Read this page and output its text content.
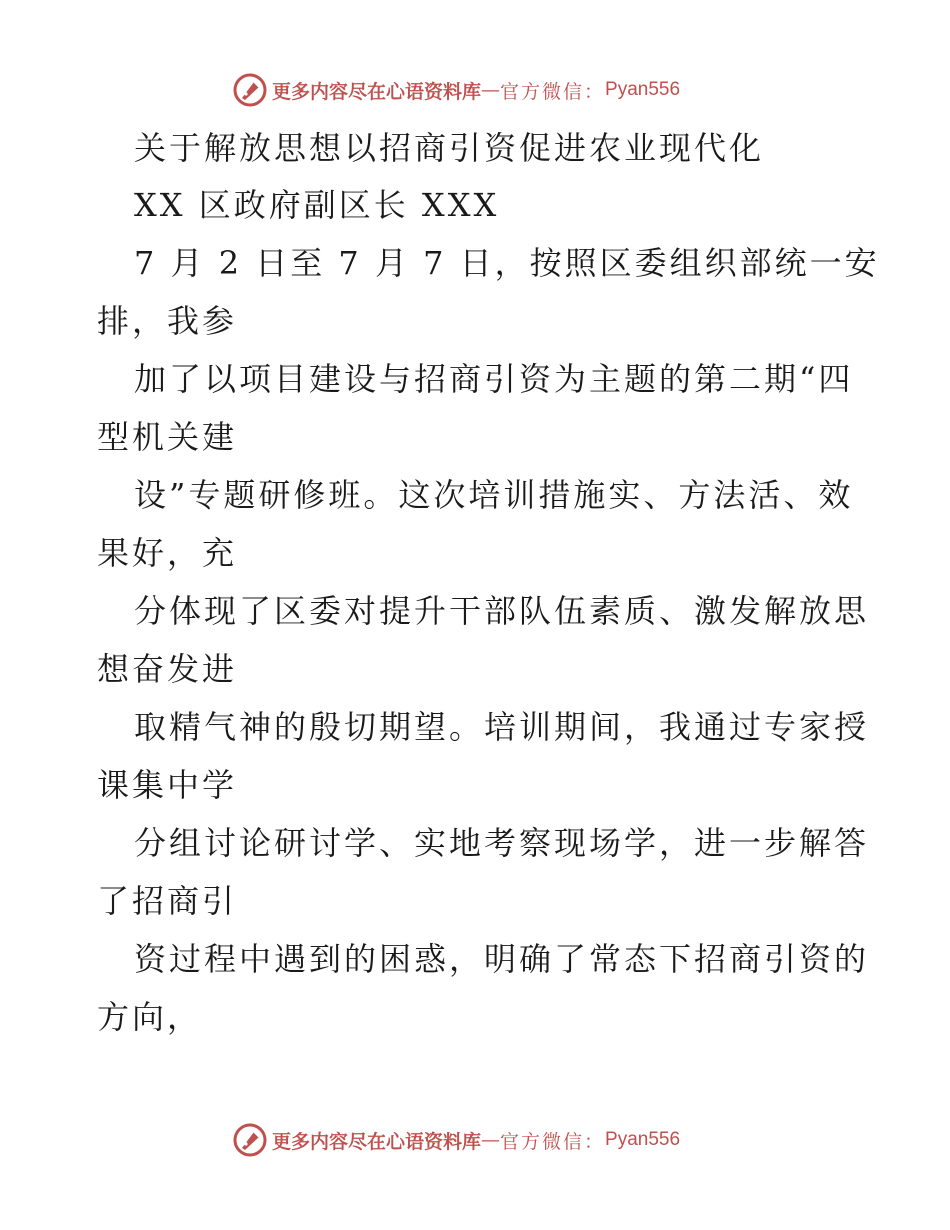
更多内容尽在心语资料库 — 官方微信： Pyan556
关于解放思想以招商引资促进农业现代化
XX 区政府副区长 XXX
7 月 2 日至 7 月 7 日，按照区委组织部统一安
排，我参
加了以项目建设与招商引资为主题的第二期“四
型机关建
设”专题研修班。这次培训措施实、方法活、效
果好，充
分体现了区委对提升干部队伍素质、激发解放思
想奋发进
取精气神的殷切期望。培训期间，我通过专家授
课集中学
分组讨论研讨学、实地考察现场学，进一步解答
了招商引
资过程中遇到的困惑，明确了常态下招商引资的
方向，
更多内容尽在心语资料库 — 官方微信： Pyan556
